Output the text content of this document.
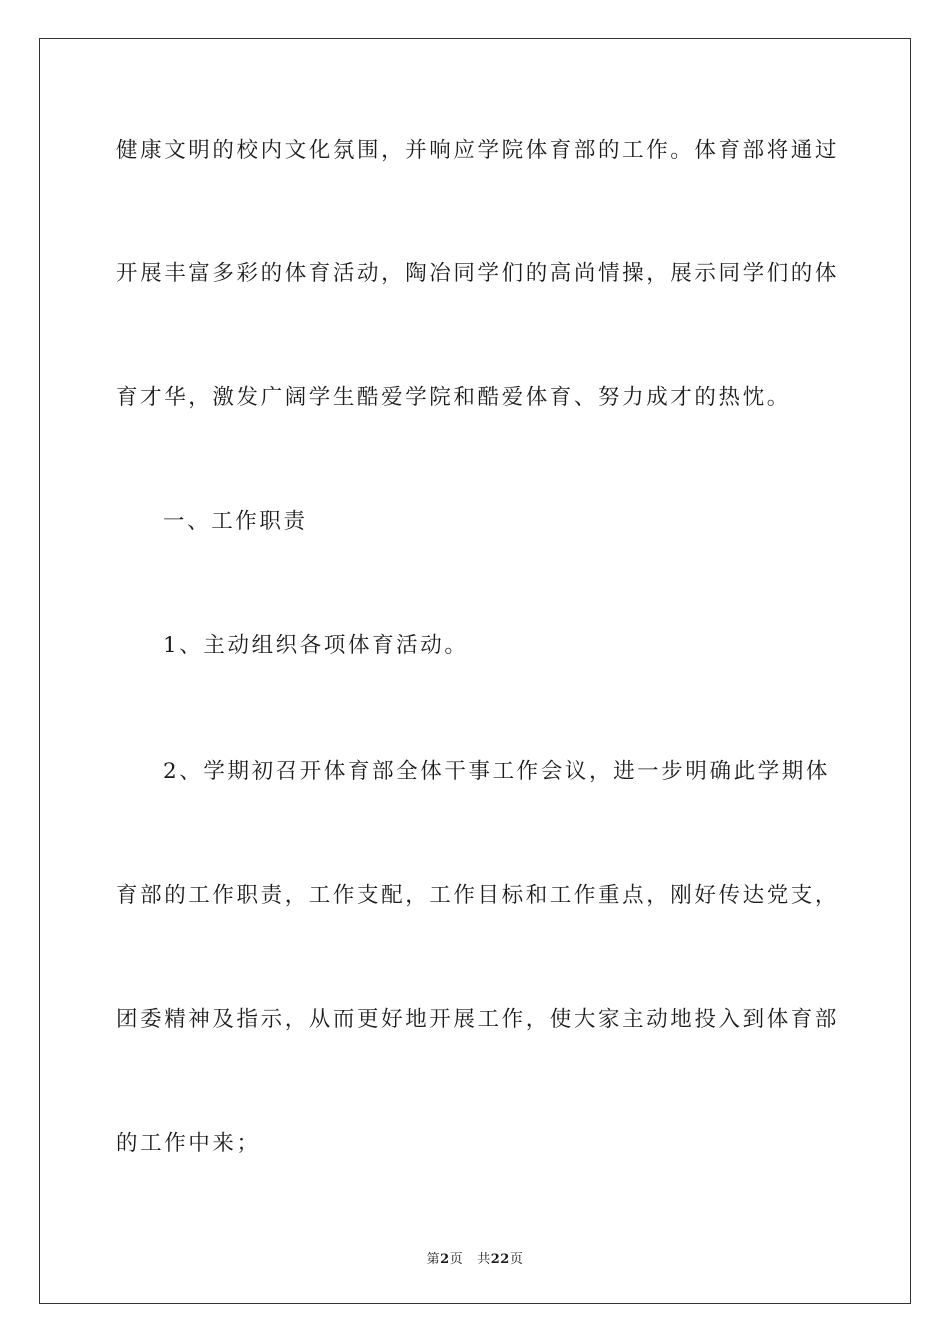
健康文明的校内文化氛围，并响应学院体育部的工作。体育部将通过
开展丰富多彩的体育活动，陶冶同学们的高尚情操，展示同学们的体
育才华，激发广阔学生酷爱学院和酷爱体育、努力成才的热忱。
一、工作职责
1、主动组织各项体育活动。
2、学期初召开体育部全体干事工作会议，进一步明确此学期体
育部的工作职责，工作支配，工作目标和工作重点，刚好传达党支，
团委精神及指示，从而更好地开展工作，使大家主动地投入到体育部
的工作中来；
第2页 共22页
